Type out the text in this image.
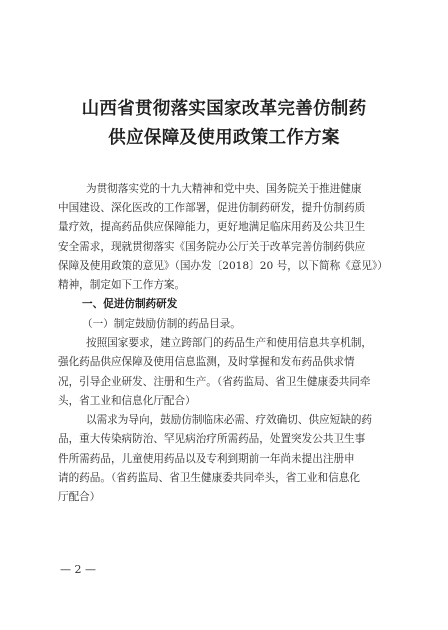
山西省贯彻落实国家改革完善仿制药
供应保障及使用政策工作方案
为贯彻落实党的十九大精神和党中央、国务院关于推进健康
中国建设、深化医改的工作部署，促进仿制药研发，提升仿制药质
量疗效，提高药品供应保障能力，更好地满足临床用药及公共卫生
安全需求，现就贯彻落实《国务院办公厅关于改革完善仿制药供应
保障及使用政策的意见》（国办发〔2018〕20 号，以下简称《意见》）
精神，制定如下工作方案。
一、促进仿制药研发
（一）制定鼓励仿制的药品目录。
按照国家要求，建立跨部门的药品生产和使用信息共享机制，
强化药品供应保障及使用信息监测，及时掌握和发布药品供求情
况，引导企业研发、注册和生产。（省药监局、省卫生健康委共同牵
头，省工业和信息化厅配合）
以需求为导向，鼓励仿制临床必需、疗效确切、供应短缺的药
品，重大传染病防治、罕见病治疗所需药品，处置突发公共卫生事
件所需药品，儿童使用药品以及专利到期前一年尚未提出注册申
请的药品。（省药监局、省卫生健康委共同牵头，省工业和信息化
厅配合）
— 2 —
